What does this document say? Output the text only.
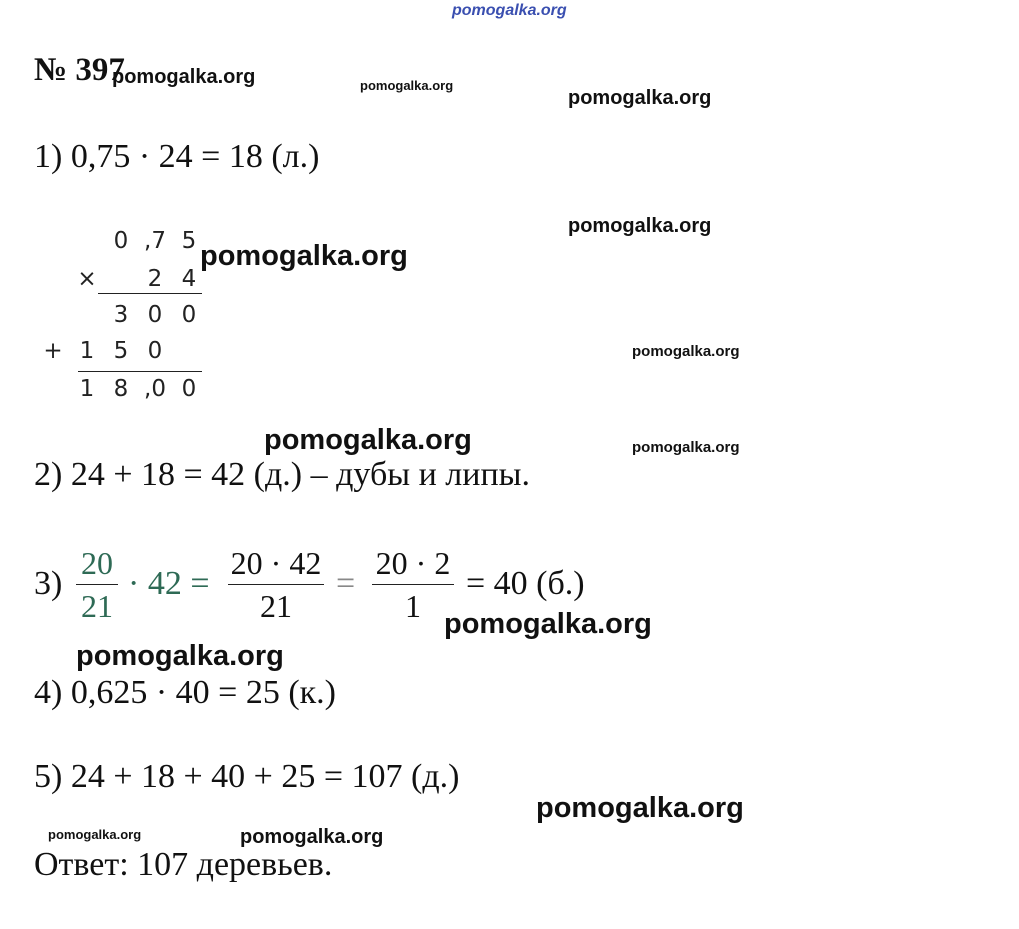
pomogalka.org
№ 397
1) 0,75 · 24 = 18 (л.)
0 ,7 5
× 2 4
3 0 0
+ 1 5 0
1 8 ,0 0
2) 24 + 18 = 42 (д.) – дубы и липы.
3)
20
21
· 42 =
20 · 42
21
=
20 · 2
1
= 40 (б.)
4) 0,625 · 40 = 25 (к.)
5) 24 + 18 + 40 + 25 = 107 (д.)
Ответ: 107 деревьев.
pomogalka.org	pomogalka.org
pomogalka.org
pomogalka.org
pomogalka.org
pomogalka.org
pomogalka.org	pomogalka.org
pomogalka.org
pomogalka.org
pomogalka.org
pomogalka.org	pomogalka.org
